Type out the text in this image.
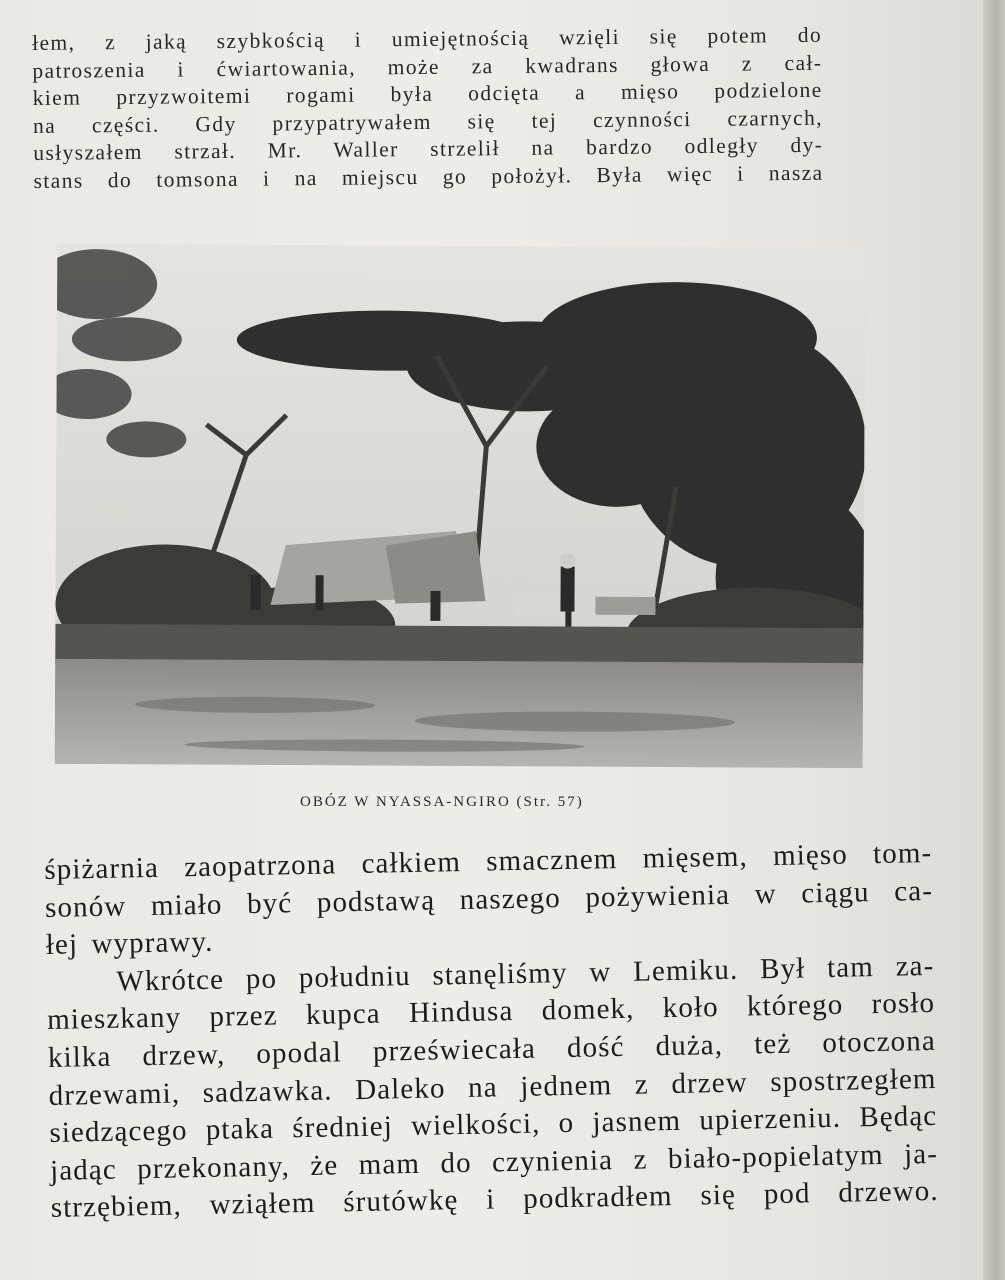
łem, z jaką szybkością i umiejętnością wzięli się potem do
patroszenia i ćwiartowania, może za kwadrans głowa z cał-
kiem przyzwoitemi rogami była odcięta a mięso podzielone
na części. Gdy przypatrywałem się tej czynności czarnych,
usłyszałem strzał. Mr. Waller strzelił na bardzo odległy dy-
stans do tomsona i na miejscu go położył. Była więc i nasza
OBÓZ W NYASSA-NGIRO (Str. 57)
śpiżarnia zaopatrzona całkiem smacznem mięsem, mięso tom-
sonów miało być podstawą naszego pożywienia w ciągu ca-
łej wyprawy.
Wkrótce po południu stanęliśmy w Lemiku. Był tam za-
mieszkany przez kupca Hindusa domek, koło którego rosło
kilka drzew, opodal przeświecała dość duża, też otoczona
drzewami, sadzawka. Daleko na jednem z drzew spostrzegłem
siedzącego ptaka średniej wielkości, o jasnem upierzeniu. Będąc
jadąc przekonany, że mam do czynienia z biało-popielatym ja-
strzębiem, wziąłem śrutówkę i podkradłem się pod drzewo.
